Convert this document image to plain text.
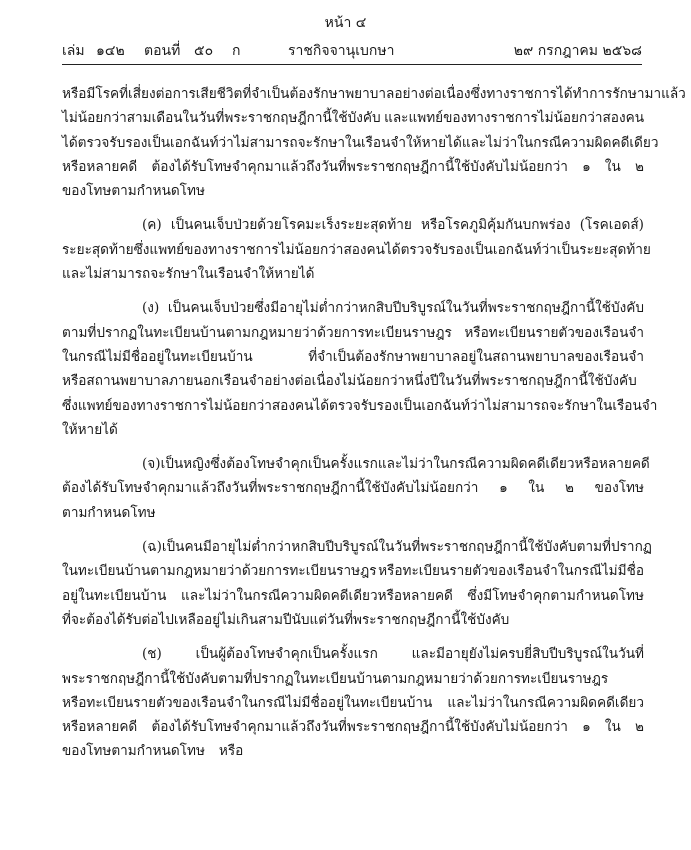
หน้า ๔
เล่ม ๑๔๒ ตอนที่ ๕๐ ก	ราชกิจจานุเบกษา	๒๙ กรกฎาคม ๒๕๖๘
หรือมีโรคที่เสี่ยงต่อการเสียชีวิตที่จำเป็นต้องรักษาพยาบาลอย่างต่อเนื่อง ซึ่งทางราชการได้ทำการรักษามาแล้ว
ไม่น้อยกว่าสามเดือนในวันที่พระราชกฤษฎีกานี้ใช้บังคับ และแพทย์ของทางราชการไม่น้อยกว่าสองคน
ได้ตรวจรับรองเป็นเอกฉันท์ว่าไม่สามารถจะรักษาในเรือนจำให้หายได้ และไม่ว่าในกรณีความผิดคดีเดียว
หรือหลายคดี ต้องได้รับโทษจำคุกมาแล้วถึงวันที่พระราชกฤษฎีกานี้ใช้บังคับไม่น้อยกว่า ๑ ใน ๒
ของโทษตามกำหนดโทษ
(ค) เป็นคนเจ็บป่วยด้วยโรคมะเร็งระยะสุดท้าย หรือโรคภูมิคุ้มกันบกพร่อง (โรคเอดส์)
ระยะสุดท้าย ซึ่งแพทย์ของทางราชการไม่น้อยกว่าสองคนได้ตรวจรับรองเป็นเอกฉันท์ว่าเป็นระยะสุดท้าย
และไม่สามารถจะรักษาในเรือนจำให้หายได้
(ง) เป็นคนเจ็บป่วยซึ่งมีอายุไม่ต่ำกว่าหกสิบปีบริบูรณ์ในวันที่พระราชกฤษฎีกานี้ใช้บังคับ
ตามที่ปรากฏในทะเบียนบ้านตามกฎหมายว่าด้วยการทะเบียนราษฎร หรือทะเบียนรายตัวของเรือนจำ
ในกรณีไม่มีชื่ออยู่ในทะเบียนบ้าน	ที่จำเป็นต้องรักษาพยาบาลอยู่ในสถานพยาบาลของเรือนจำ
หรือสถานพยาบาลภายนอกเรือนจำอย่างต่อเนื่องไม่น้อยกว่าหนึ่งปีในวันที่พระราชกฤษฎีกานี้ใช้บังคับ
ซึ่งแพทย์ของทางราชการไม่น้อยกว่าสองคนได้ตรวจรับรองเป็นเอกฉันท์ว่าไม่สามารถจะรักษาในเรือนจำ
ให้หายได้
(จ) เป็นหญิงซึ่งต้องโทษจำคุกเป็นครั้งแรก และไม่ว่าในกรณีความผิดคดีเดียวหรือหลายคดี
ต้องได้รับโทษจำคุกมาแล้วถึงวันที่พระราชกฤษฎีกานี้ใช้บังคับไม่น้อยกว่า ๑ ใน ๒ ของโทษ
ตามกำหนดโทษ
(ฉ) เป็นคนมีอายุไม่ต่ำกว่าหกสิบปีบริบูรณ์ในวันที่พระราชกฤษฎีกานี้ใช้บังคับตามที่ปรากฏ
ในทะเบียนบ้านตามกฎหมายว่าด้วยการทะเบียนราษฎร หรือทะเบียนรายตัวของเรือนจำในกรณีไม่มีชื่อ
อยู่ในทะเบียนบ้าน และไม่ว่าในกรณีความผิดคดีเดียวหรือหลายคดี ซึ่งมีโทษจำคุกตามกำหนดโทษ
ที่จะต้องได้รับต่อไปเหลืออยู่ไม่เกินสามปีนับแต่วันที่พระราชกฤษฎีกานี้ใช้บังคับ
(ช) เป็นผู้ต้องโทษจำคุกเป็นครั้งแรก และมีอายุยังไม่ครบยี่สิบปีบริบูรณ์ในวันที่
พระราชกฤษฎีกานี้ใช้บังคับตามที่ปรากฏในทะเบียนบ้านตามกฎหมายว่าด้วยการทะเบียนราษฎร
หรือทะเบียนรายตัวของเรือนจำในกรณีไม่มีชื่ออยู่ในทะเบียนบ้าน และไม่ว่าในกรณีความผิดคดีเดียว
หรือหลายคดี ต้องได้รับโทษจำคุกมาแล้วถึงวันที่พระราชกฤษฎีกานี้ใช้บังคับไม่น้อยกว่า ๑ ใน ๒
ของโทษตามกำหนดโทษ หรือ
